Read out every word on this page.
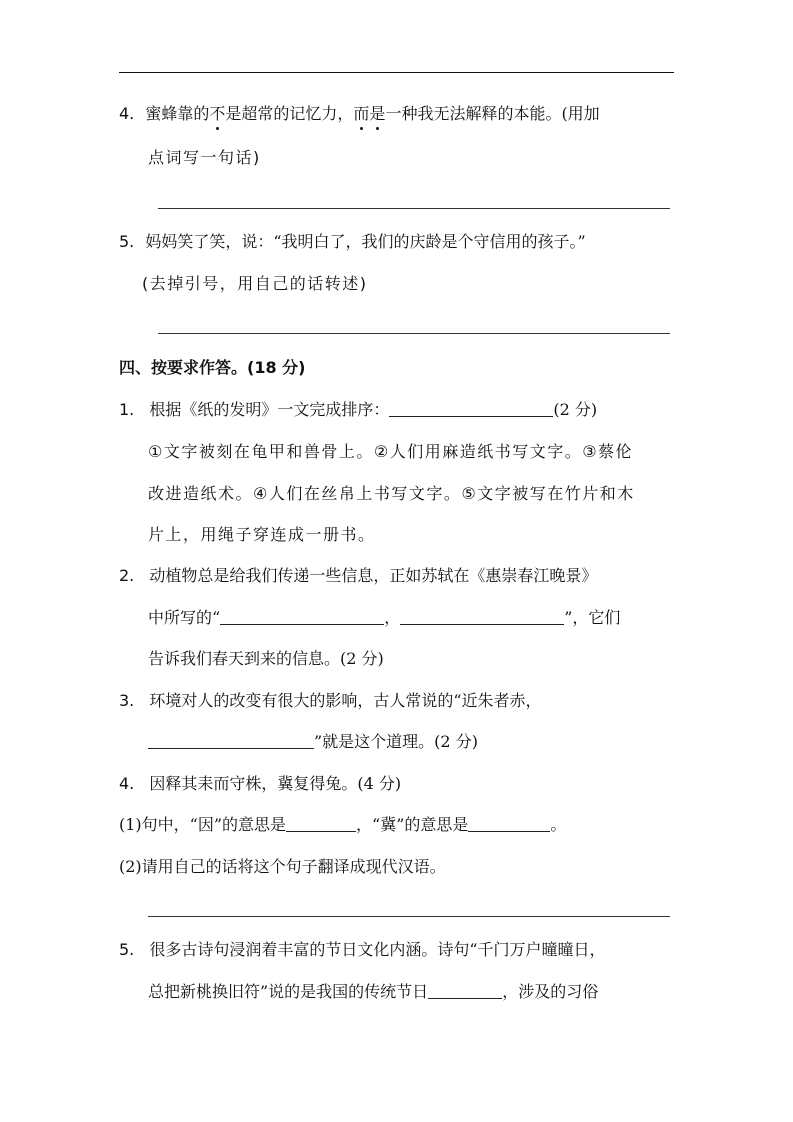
4. 蜜蜂靠的不是超常的记忆力，而是一种我无法解释的本能。(用加
点词写一句话)
5. 妈妈笑了笑，说：“我明白了，我们的庆龄是个守信用的孩子。”
(去掉引号，用自己的话转述)
四、按要求作答。(18 分)
1. 根据《纸的发明》一文完成排序：	(2 分)
①文字被刻在龟甲和兽骨上。②人们用麻造纸书写文字。③蔡伦
改进造纸术。④人们在丝帛上书写文字。⑤文字被写在竹片和木
片上，用绳子穿连成一册书。
2. 动植物总是给我们传递一些信息，正如苏轼在《惠崇春江晚景》
中所写的“	，	”，它们
告诉我们春天到来的信息。(2 分)
3. 环境对人的改变有很大的影响，古人常说的“近朱者赤，
”就是这个道理。(2 分)
4. 因释其耒而守株，冀复得兔。(4 分)
(1)句中，“因”的意思是	，“冀”的意思是	。
(2)请用自己的话将这个句子翻译成现代汉语。
5. 很多古诗句浸润着丰富的节日文化内涵。诗句“千门万户曈曈日，
总把新桃换旧符”说的是我国的传统节日	，涉及的习俗
